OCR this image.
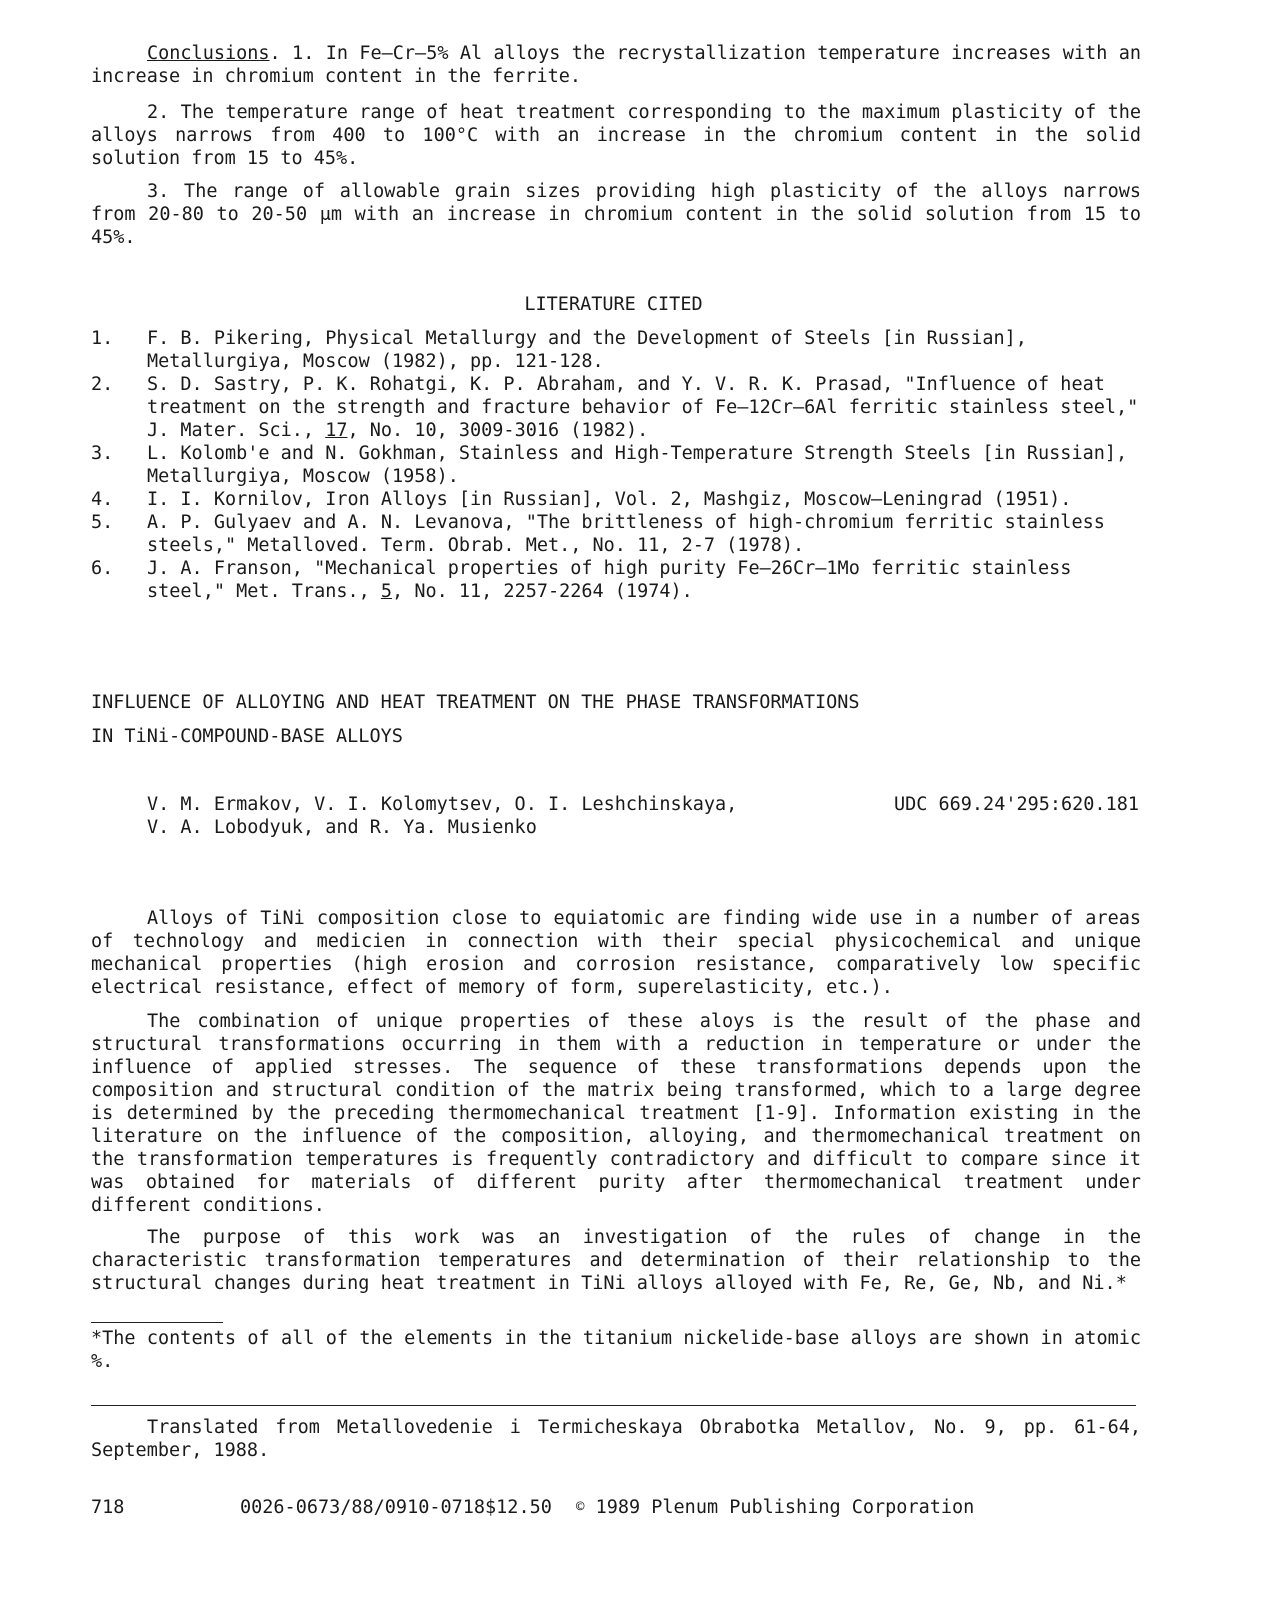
Conclusions. 1. In Fe–Cr–5% Al alloys the recrystallization temperature increases with an increase in chromium content in the ferrite.

2. The temperature range of heat treatment corresponding to the maximum plasticity of the alloys narrows from 400 to 100°C with an increase in the chromium content in the solid solution from 15 to 45%.

3. The range of allowable grain sizes providing high plasticity of the alloys narrows from 20-80 to 20-50 μm with an increase in chromium content in the solid solution from 15 to 45%.

LITERATURE CITED
1.	F. B. Pikering, Physical Metallurgy and the Development of Steels [in Russian], Metallurgiya, Moscow (1982), pp. 121-128.
2.	S. D. Sastry, P. K. Rohatgi, K. P. Abraham, and Y. V. R. K. Prasad, "Influence of heat treatment on the strength and fracture behavior of Fe–12Cr–6Al ferritic stainless steel," J. Mater. Sci., 17, No. 10, 3009-3016 (1982).
3.	L. Kolomb'e and N. Gokhman, Stainless and High-Temperature Strength Steels [in Russian], Metallurgiya, Moscow (1958).
4.	I. I. Kornilov, Iron Alloys [in Russian], Vol. 2, Mashgiz, Moscow–Leningrad (1951).
5.	A. P. Gulyaev and A. N. Levanova, "The brittleness of high-chromium ferritic stainless steels," Metalloved. Term. Obrab. Met., No. 11, 2-7 (1978).
6.	J. A. Franson, "Mechanical properties of high purity Fe–26Cr–1Mo ferritic stainless steel," Met. Trans., 5, No. 11, 2257-2264 (1974).
INFLUENCE OF ALLOYING AND HEAT TREATMENT ON THE PHASE TRANSFORMATIONS
IN TiNi-COMPOUND-BASE ALLOYS
V. M. Ermakov, V. I. Kolomytsev, O. I. Leshchinskaya,
V. A. Lobodyuk, and R. Ya. Musienko
UDC 669.24'295:620.181

Alloys of TiNi composition close to equiatomic are finding wide use in a number of areas of technology and medicien in connection with their special physicochemical and unique mechanical properties (high erosion and corrosion resistance, comparatively low specific electrical resistance, effect of memory of form, superelasticity, etc.).

The combination of unique properties of these aloys is the result of the phase and structural transformations occurring in them with a reduction in temperature or under the influence of applied stresses. The sequence of these transformations depends upon the composition and structural condition of the matrix being transformed, which to a large degree is determined by the preceding thermomechanical treatment [1-9]. Information existing in the literature on the influence of the composition, alloying, and thermomechanical treatment on the transformation temperatures is frequently contradictory and difficult to compare since it was obtained for materials of different purity after thermomechanical treatment under different conditions.

The purpose of this work was an investigation of the rules of change in the characteristic transformation temperatures and determination of their relationship to the structural changes during heat treatment in TiNi alloys alloyed with Fe, Re, Ge, Nb, and Ni.*

*The contents of all of the elements in the titanium nickelide-base alloys are shown in atomic %.

Translated from Metallovedenie i Termicheskaya Obrabotka Metallov, No. 9, pp. 61-64, September, 1988.

718	0026-0673/88/0910-0718$12.50 © 1989 Plenum Publishing Corporation
